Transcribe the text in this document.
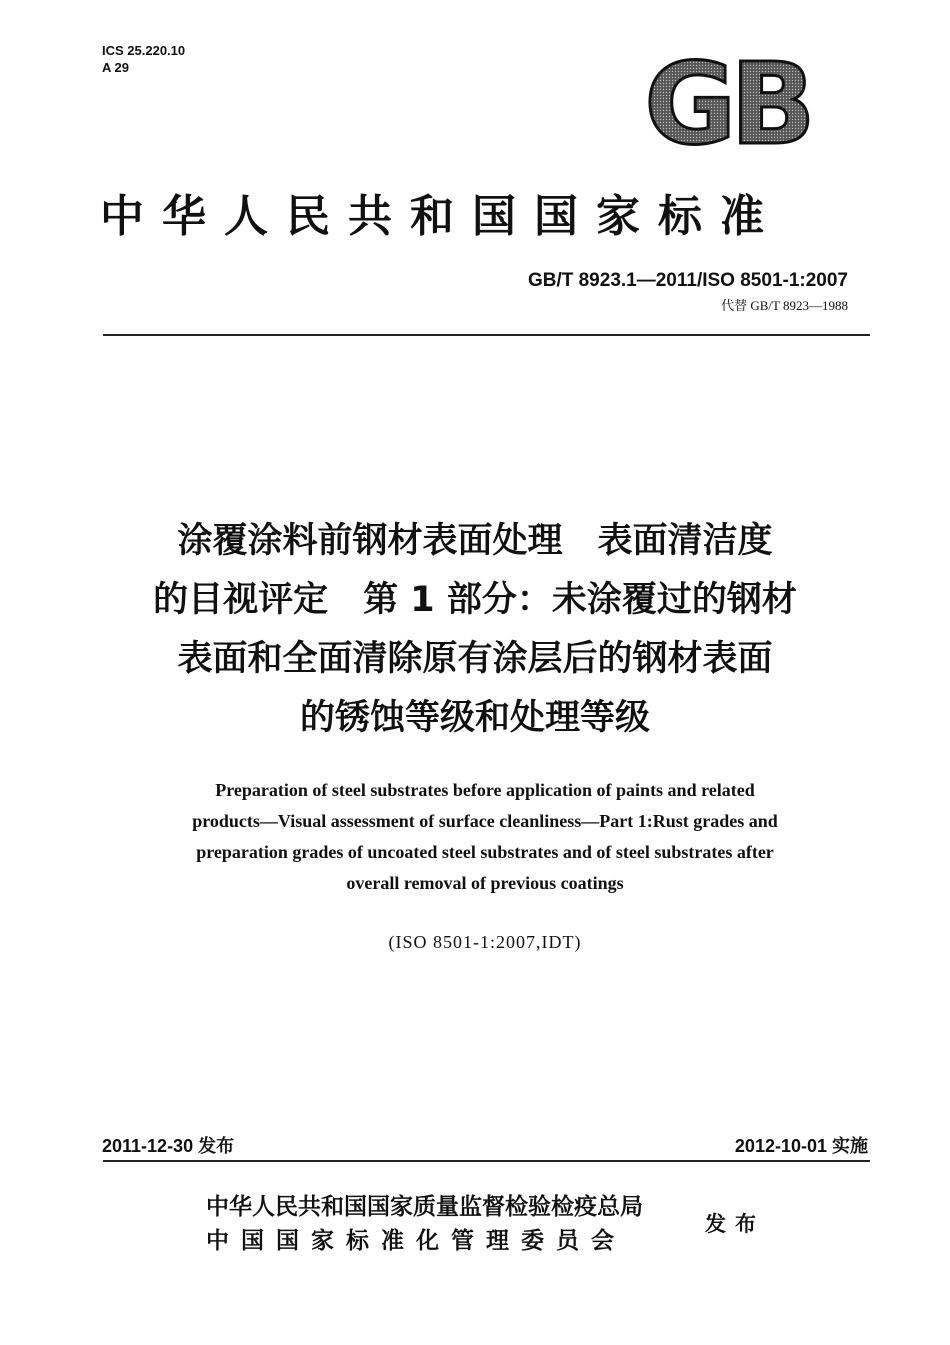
ICS 25.220.10
A 29	GB
中华人民共和国国家标准
GB/T 8923.1—2011/ISO 8501-1:2007
代替 GB/T 8923—1988
涂覆涂料前钢材表面处理　表面清洁度
的目视评定　第 1 部分：未涂覆过的钢材
表面和全面清除原有涂层后的钢材表面
的锈蚀等级和处理等级
Preparation of steel substrates before application of paints and related
products—Visual assessment of surface cleanliness—Part 1:Rust grades and
preparation grades of uncoated steel substrates and of steel substrates after
overall removal of previous coatings
(ISO 8501-1:2007,IDT)
2011-12-30 发布	2012-10-01 实施
中华人民共和国国家质量监督检验检疫总局
中国国家标准化管理委员会
发布
